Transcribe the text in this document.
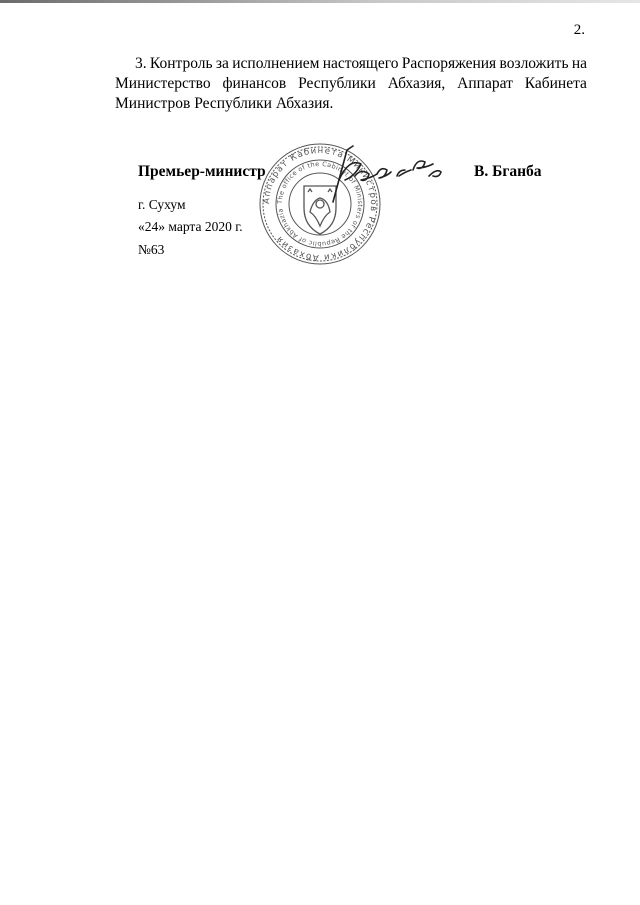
2.
3. Контроль за исполнением настоящего Распоряжения возложить на
Министерство финансов Республики Абхазия, Аппарат Кабинета
Министров Республики Абхазия.
Премьер-министр
Аппарат Кабинета Министров Республики Абхазия
The office of the Cabinet of Ministers of the Republic of Abkhazia
В. Бганба
г. Сухум
«24» марта 2020 г.
№63
